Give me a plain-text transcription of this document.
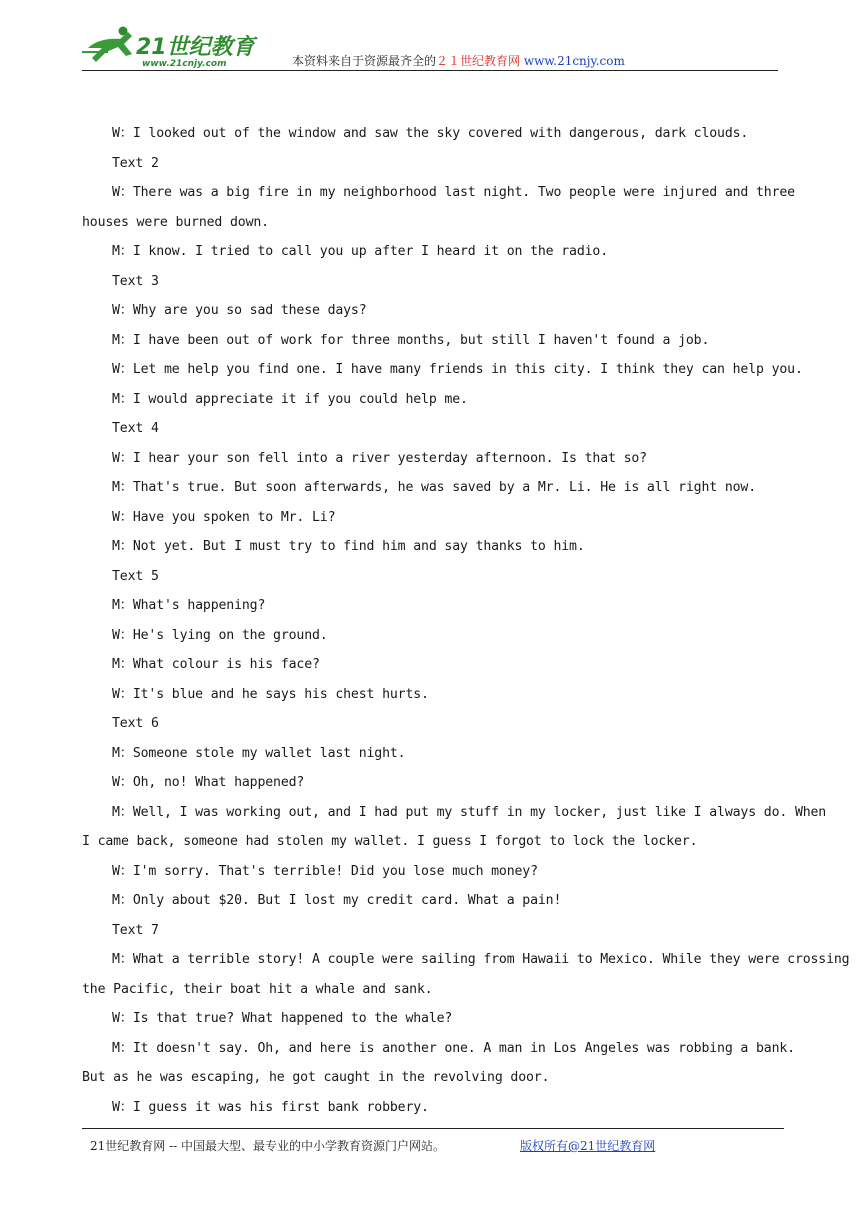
21世纪教育
www.21cnjy.com	本资料来自于资源最齐全的２１世纪教育网 www.21cnjy.com
W：I looked out of the window and saw the sky covered with dangerous, dark clouds.
Text 2
W：There was a big fire in my neighborhood last night. Two people were injured and three
houses were burned down.
M：I know. I tried to call you up after I heard it on the radio.
Text 3
W：Why are you so sad these days?
M：I have been out of work for three months, but still I haven't found a job.
W：Let me help you find one. I have many friends in this city. I think they can help you.
M：I would appreciate it if you could help me.
Text 4
W：I hear your son fell into a river yesterday afternoon. Is that so?
M：That's true. But soon afterwards, he was saved by a Mr. Li. He is all right now.
W：Have you spoken to Mr. Li?
M：Not yet. But I must try to find him and say thanks to him.
Text 5
M：What's happening?
W：He's lying on the ground.
M：What colour is his face?
W：It's blue and he says his chest hurts.
Text 6
M：Someone stole my wallet last night.
W：Oh, no! What happened?
M：Well, I was working out, and I had put my stuff in my locker, just like I always do. When
I came back, someone had stolen my wallet. I guess I forgot to lock the locker.
W：I'm sorry. That's terrible! Did you lose much money?
M：Only about $20. But I lost my credit card. What a pain!
Text 7
M：What a terrible story! A couple were sailing from Hawaii to Mexico. While they were crossing
the Pacific, their boat hit a whale and sank.
W：Is that true? What happened to the whale?
M：It doesn't say. Oh, and here is another one. A man in Los Angeles was robbing a bank.
But as he was escaping, he got caught in the revolving door.
W：I guess it was his first bank robbery.
21世纪教育网 -- 中国最大型、最专业的中小学教育资源门户网站。	版权所有@21世纪教育网
